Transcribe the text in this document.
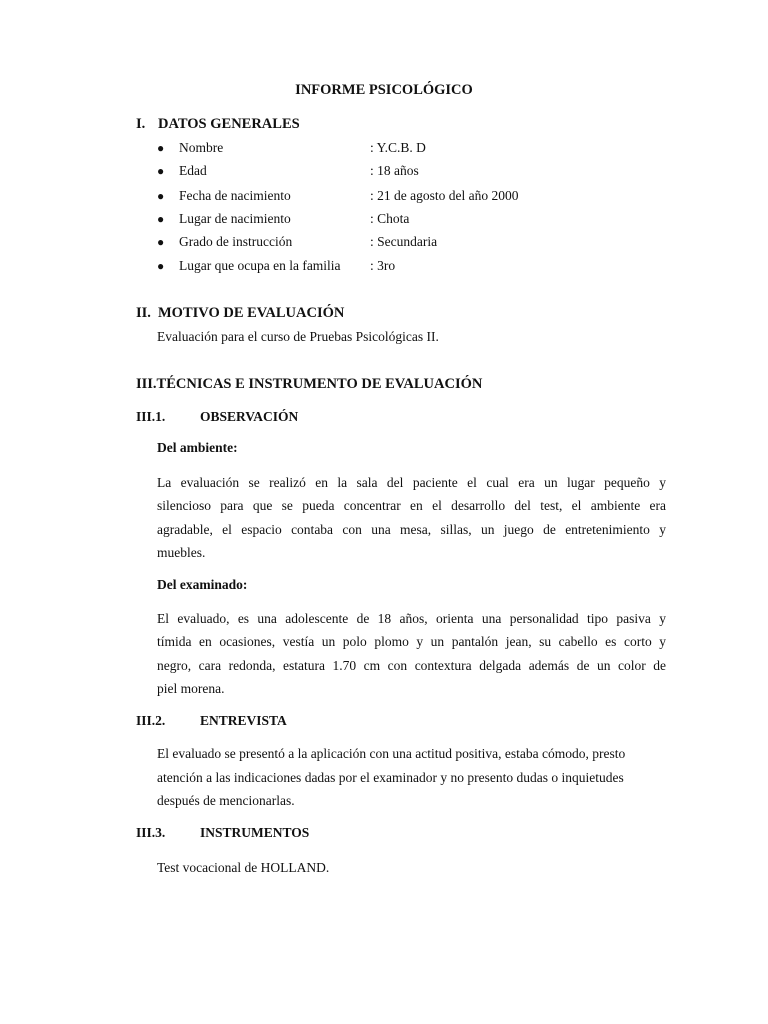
INFORME PSICOLÓGICO
I. DATOS GENERALES
● Nombre	: Y.C.B. D
● Edad	: 18 años
● Fecha de nacimiento	: 21 de agosto del año 2000
● Lugar de nacimiento	: Chota
● Grado de instrucción	: Secundaria
● Lugar que ocupa en la familia : 3ro
II. MOTIVO DE EVALUACIÓN
Evaluación para el curso de Pruebas Psicológicas II.
III.TÉCNICAS E INSTRUMENTO DE EVALUACIÓN
III.1.	OBSERVACIÓN
Del ambiente:
La evaluación se realizó en la sala del paciente el cual era un lugar pequeño y
silencioso para que se pueda concentrar en el desarrollo del test, el ambiente era
agradable, el espacio contaba con una mesa, sillas, un juego de entretenimiento y
muebles.
Del examinado:
El evaluado, es una adolescente de 18 años, orienta una personalidad tipo pasiva y
tímida en ocasiones, vestía un polo plomo y un pantalón jean, su cabello es corto y
negro, cara redonda, estatura 1.70 cm con contextura delgada además de un color de
piel morena.
III.2.	ENTREVISTA
El evaluado se presentó a la aplicación con una actitud positiva, estaba cómodo, presto
atención a las indicaciones dadas por el examinador y no presento dudas o inquietudes
después de mencionarlas.
III.3.	INSTRUMENTOS
Test vocacional de HOLLAND.
